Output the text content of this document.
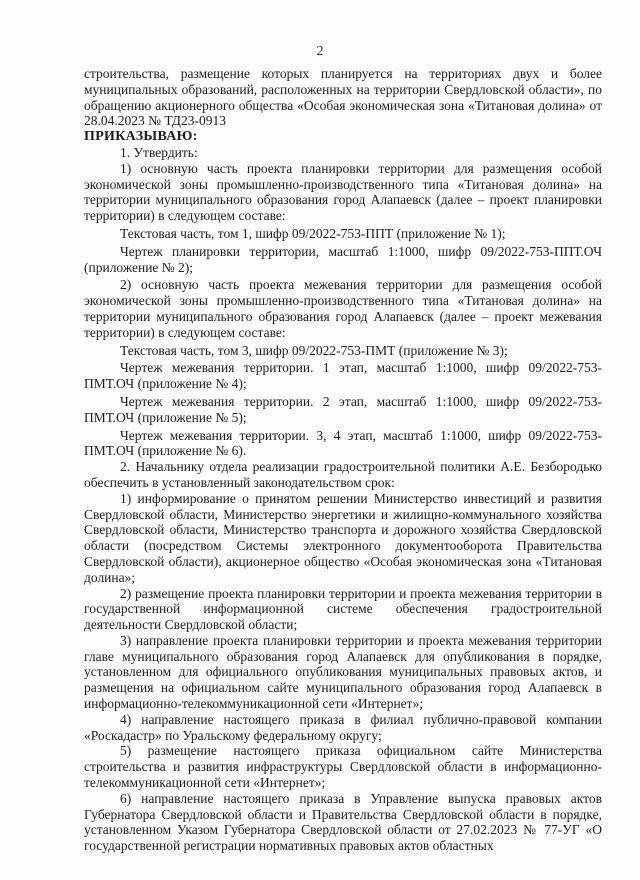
2

строительства, размещение которых планируется на территориях двух и более муниципальных образований, расположенных на территории Свердловской области», по обращению акционерного общества «Особая экономическая зона «Титановая долина» от 28.04.2023 № ТД23-0913

ПРИКАЗЫВАЮ:

1. Утвердить:

1) основную часть проекта планировки территории для размещения особой экономической зоны промышленно-производственного типа «Титановая долина» на территории муниципального образования город Алапаевск (далее – проект планировки территории) в следующем составе:

Текстовая часть, том 1, шифр 09/2022-753-ППТ (приложение № 1);

Чертеж планировки территории, масштаб 1:1000, шифр 09/2022-753-ППТ.ОЧ (приложение № 2);

2) основную часть проекта межевания территории для размещения особой экономической зоны промышленно-производственного типа «Титановая долина» на территории муниципального образования город Алапаевск (далее – проект межевания территории) в следующем составе:

Текстовая часть, том 3, шифр 09/2022-753-ПМТ (приложение № 3);

Чертеж межевания территории. 1 этап, масштаб 1:1000, шифр 09/2022-753-ПМТ.ОЧ (приложение № 4);

Чертеж межевания территории. 2 этап, масштаб 1:1000, шифр 09/2022-753-ПМТ.ОЧ (приложение № 5);

Чертеж межевания территории. 3, 4 этап, масштаб 1:1000, шифр 09/2022-753-ПМТ.ОЧ (приложение № 6).

2. Начальнику отдела реализации градостроительной политики А.Е. Безбородько обеспечить в установленный законодательством срок:

1) информирование о принятом решении Министерство инвестиций и развития Свердловской области, Министерство энергетики и жилищно-коммунального хозяйства Свердловской области, Министерство транспорта и дорожного хозяйства Свердловской области (посредством Системы электронного документооборота Правительства Свердловской области), акционерное общество «Особая экономическая зона «Титановая долина»;

2) размещение проекта планировки территории и проекта межевания территории в государственной информационной системе обеспечения градостроительной деятельности Свердловской области;

3) направление проекта планировки территории и проекта межевания территории главе муниципального образования город Алапаевск для опубликования в порядке, установленном для официального опубликования муниципальных правовых актов, и размещения на официальном сайте муниципального образования город Алапаевск в информационно-телекоммуникационной сети «Интернет»;

4) направление настоящего приказа в филиал публично-правовой компании «Роскадастр» по Уральскому федеральному округу;

5) размещение настоящего приказа официальном сайте Министерства строительства и развития инфраструктуры Свердловской области в информационно-телекоммуникационной сети «Интернет»;

6) направление настоящего приказа в Управление выпуска правовых актов Губернатора Свердловской области и Правительства Свердловской области в порядке, установленном Указом Губернатора Свердловской области от 27.02.2023 № 77-УГ «О государственной регистрации нормативных правовых актов областных
